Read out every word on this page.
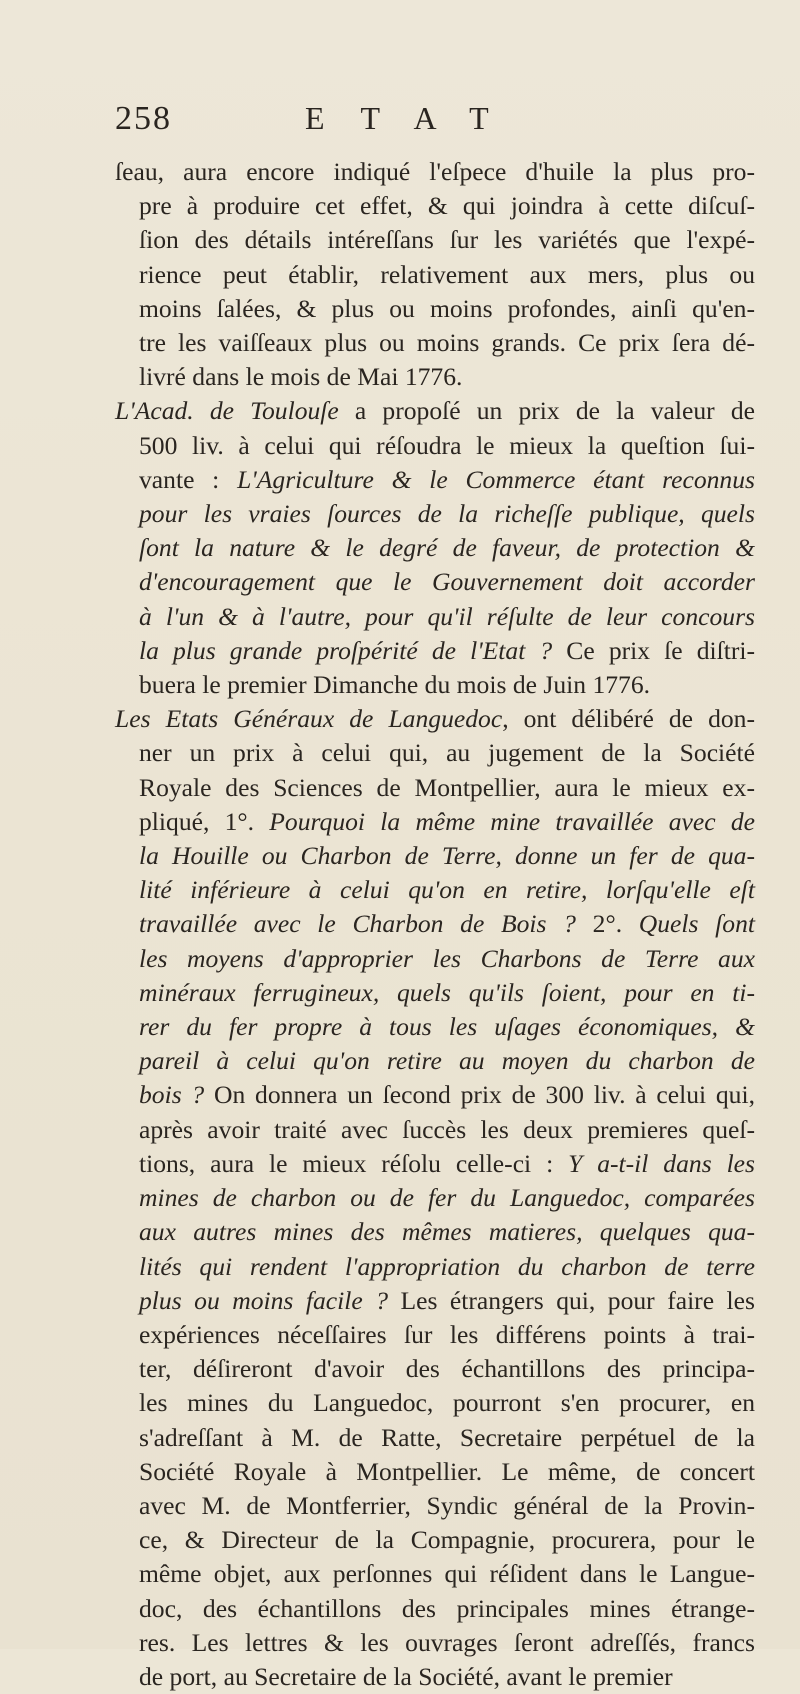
258	ETAT
ſeau, aura encore indiqué l'eſpece d'huile la plus pro-
pre à produire cet effet, & qui joindra à cette diſcuſ-
ſion des détails intéreſſans ſur les variétés que l'expé-
rience peut établir, relativement aux mers, plus ou
moins ſalées, & plus ou moins profondes, ainſi qu'en-
tre les vaiſſeaux plus ou moins grands. Ce prix ſera dé-
livré dans le mois de Mai 1776.
L'Acad. de Toulouſe a propoſé un prix de la valeur de
500 liv. à celui qui réſoudra le mieux la queſtion ſui-
vante : L'Agriculture & le Commerce étant reconnus
pour les vraies ſources de la richeſſe publique, quels
ſont la nature & le degré de faveur, de protection &
d'encouragement que le Gouvernement doit accorder
à l'un & à l'autre, pour qu'il réſulte de leur concours
la plus grande proſpérité de l'Etat ? Ce prix ſe diſtri-
buera le premier Dimanche du mois de Juin 1776.
Les Etats Généraux de Languedoc, ont délibéré de don-
ner un prix à celui qui, au jugement de la Société
Royale des Sciences de Montpellier, aura le mieux ex-
pliqué, 1°. Pourquoi la même mine travaillée avec de
la Houille ou Charbon de Terre, donne un fer de qua-
lité inférieure à celui qu'on en retire, lorſqu'elle eſt
travaillée avec le Charbon de Bois ? 2°. Quels ſont
les moyens d'approprier les Charbons de Terre aux
minéraux ferrugineux, quels qu'ils ſoient, pour en ti-
rer du fer propre à tous les uſages économiques, &
pareil à celui qu'on retire au moyen du charbon de
bois ? On donnera un ſecond prix de 300 liv. à celui qui,
après avoir traité avec ſuccès les deux premieres queſ-
tions, aura le mieux réſolu celle-ci : Y a-t-il dans les
mines de charbon ou de fer du Languedoc, comparées
aux autres mines des mêmes matieres, quelques qua-
lités qui rendent l'appropriation du charbon de terre
plus ou moins facile ? Les étrangers qui, pour faire les
expériences néceſſaires ſur les différens points à trai-
ter, déſireront d'avoir des échantillons des principa-
les mines du Languedoc, pourront s'en procurer, en
s'adreſſant à M. de Ratte, Secretaire perpétuel de la
Société Royale à Montpellier. Le même, de concert
avec M. de Montferrier, Syndic général de la Provin-
ce, & Directeur de la Compagnie, procurera, pour le
même objet, aux perſonnes qui réſident dans le Langue-
doc, des échantillons des principales mines étrange-
res. Les lettres & les ouvrages ſeront adreſſés, francs
de port, au Secretaire de la Société, avant le premier
